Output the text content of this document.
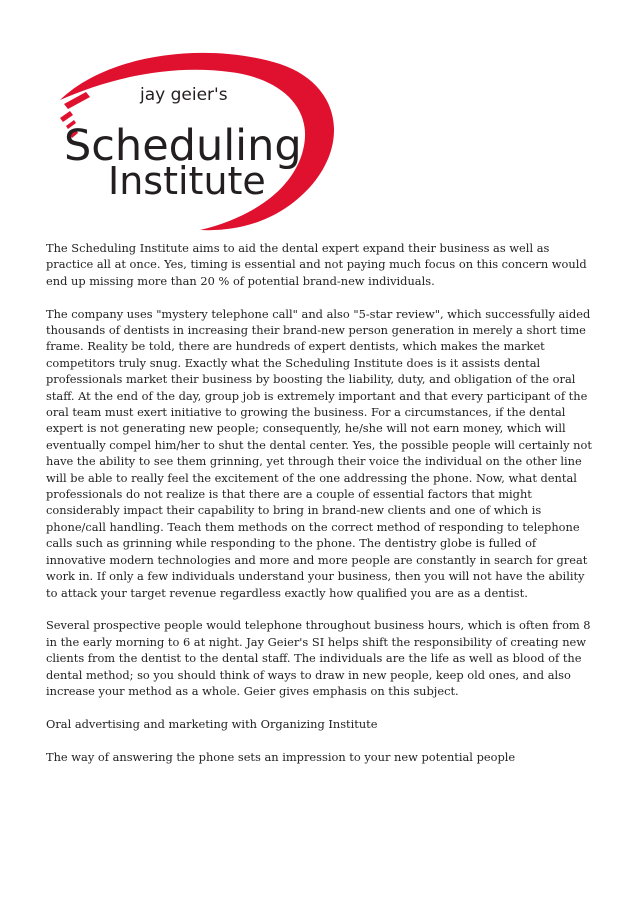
jay geier's
Scheduling
Institute

The Scheduling Institute aims to aid the dental expert expand their business as well as practice all at once. Yes, timing is essential and not paying much focus on this concern would end up missing more than 20 % of potential brand-new individuals.

The company uses "mystery telephone call" and also "5-star review", which successfully aided thousands of dentists in increasing their brand-new person generation in merely a short time frame. Reality be told, there are hundreds of expert dentists, which makes the market competitors truly snug. Exactly what the Scheduling Institute does is it assists dental professionals market their business by boosting the liability, duty, and obligation of the oral staff. At the end of the day, group job is extremely important and that every participant of the oral team must exert initiative to growing the business. For a circumstances, if the dental expert is not generating new people; consequently, he/she will not earn money, which will eventually compel him/her to shut the dental center. Yes, the possible people will certainly not have the ability to see them grinning, yet through their voice the individual on the other line will be able to really feel the excitement of the one addressing the phone. Now, what dental professionals do not realize is that there are a couple of essential factors that might considerably impact their capability to bring in brand-new clients and one of which is phone/call handling. Teach them methods on the correct method of responding to telephone calls such as grinning while responding to the phone. The dentistry globe is fulled of innovative modern technologies and more and more people are constantly in search for great work in. If only a few individuals understand your business, then you will not have the ability to attack your target revenue regardless exactly how qualified you are as a dentist.

Several prospective people would telephone throughout business hours, which is often from 8 in the early morning to 6 at night. Jay Geier's SI helps shift the responsibility of creating new clients from the dentist to the dental staff. The individuals are the life as well as blood of the dental method; so you should think of ways to draw in new people, keep old ones, and also increase your method as a whole. Geier gives emphasis on this subject.

Oral advertising and marketing with Organizing Institute

The way of answering the phone sets an impression to your new potential people
